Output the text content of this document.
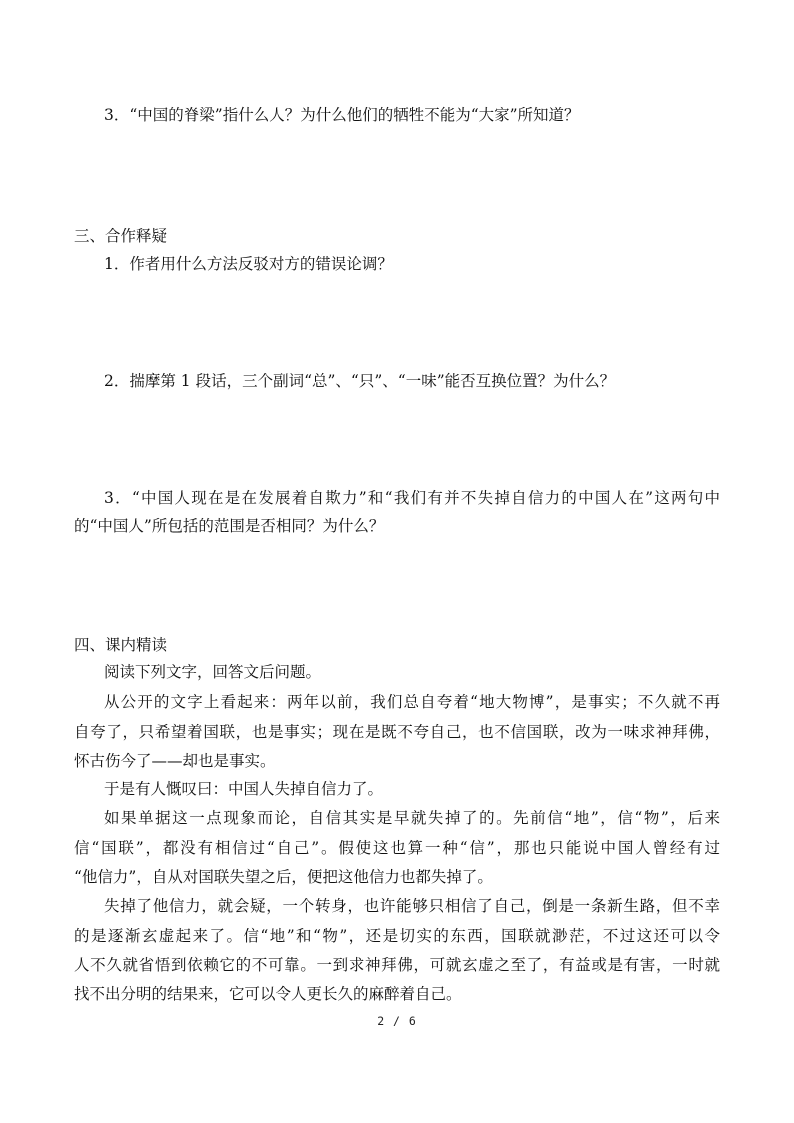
3．“中国的脊梁”指什么人？为什么他们的牺牲不能为“大家”所知道？
三、合作释疑
1．作者用什么方法反驳对方的错误论调？
2．揣摩第 1 段话，三个副词“总”、“只”、“一味”能否互换位置？为什么？
3．“中国人现在是在发展着自欺力”和“我们有并不失掉自信力的中国人在”这两句中
的“中国人”所包括的范围是否相同？为什么？
四、课内精读
阅读下列文字，回答文后问题。
从公开的文字上看起来：两年以前，我们总自夸着“地大物博”，是事实；不久就不再
自夸了，只希望着国联，也是事实；现在是既不夸自己，也不信国联，改为一味求神拜佛，
怀古伤今了——却也是事实。
于是有人慨叹曰：中国人失掉自信力了。
如果单据这一点现象而论，自信其实是早就失掉了的。先前信“地”，信“物”，后来
信“国联”，都没有相信过“自己”。假使这也算一种“信”，那也只能说中国人曾经有过
“他信力”，自从对国联失望之后，便把这他信力也都失掉了。
失掉了他信力，就会疑，一个转身，也许能够只相信了自己，倒是一条新生路，但不幸
的是逐渐玄虚起来了。信“地”和“物”，还是切实的东西，国联就渺茫，不过这还可以令
人不久就省悟到依赖它的不可靠。一到求神拜佛，可就玄虚之至了，有益或是有害，一时就
找不出分明的结果来，它可以令人更长久的麻醉着自己。
2 / 6
